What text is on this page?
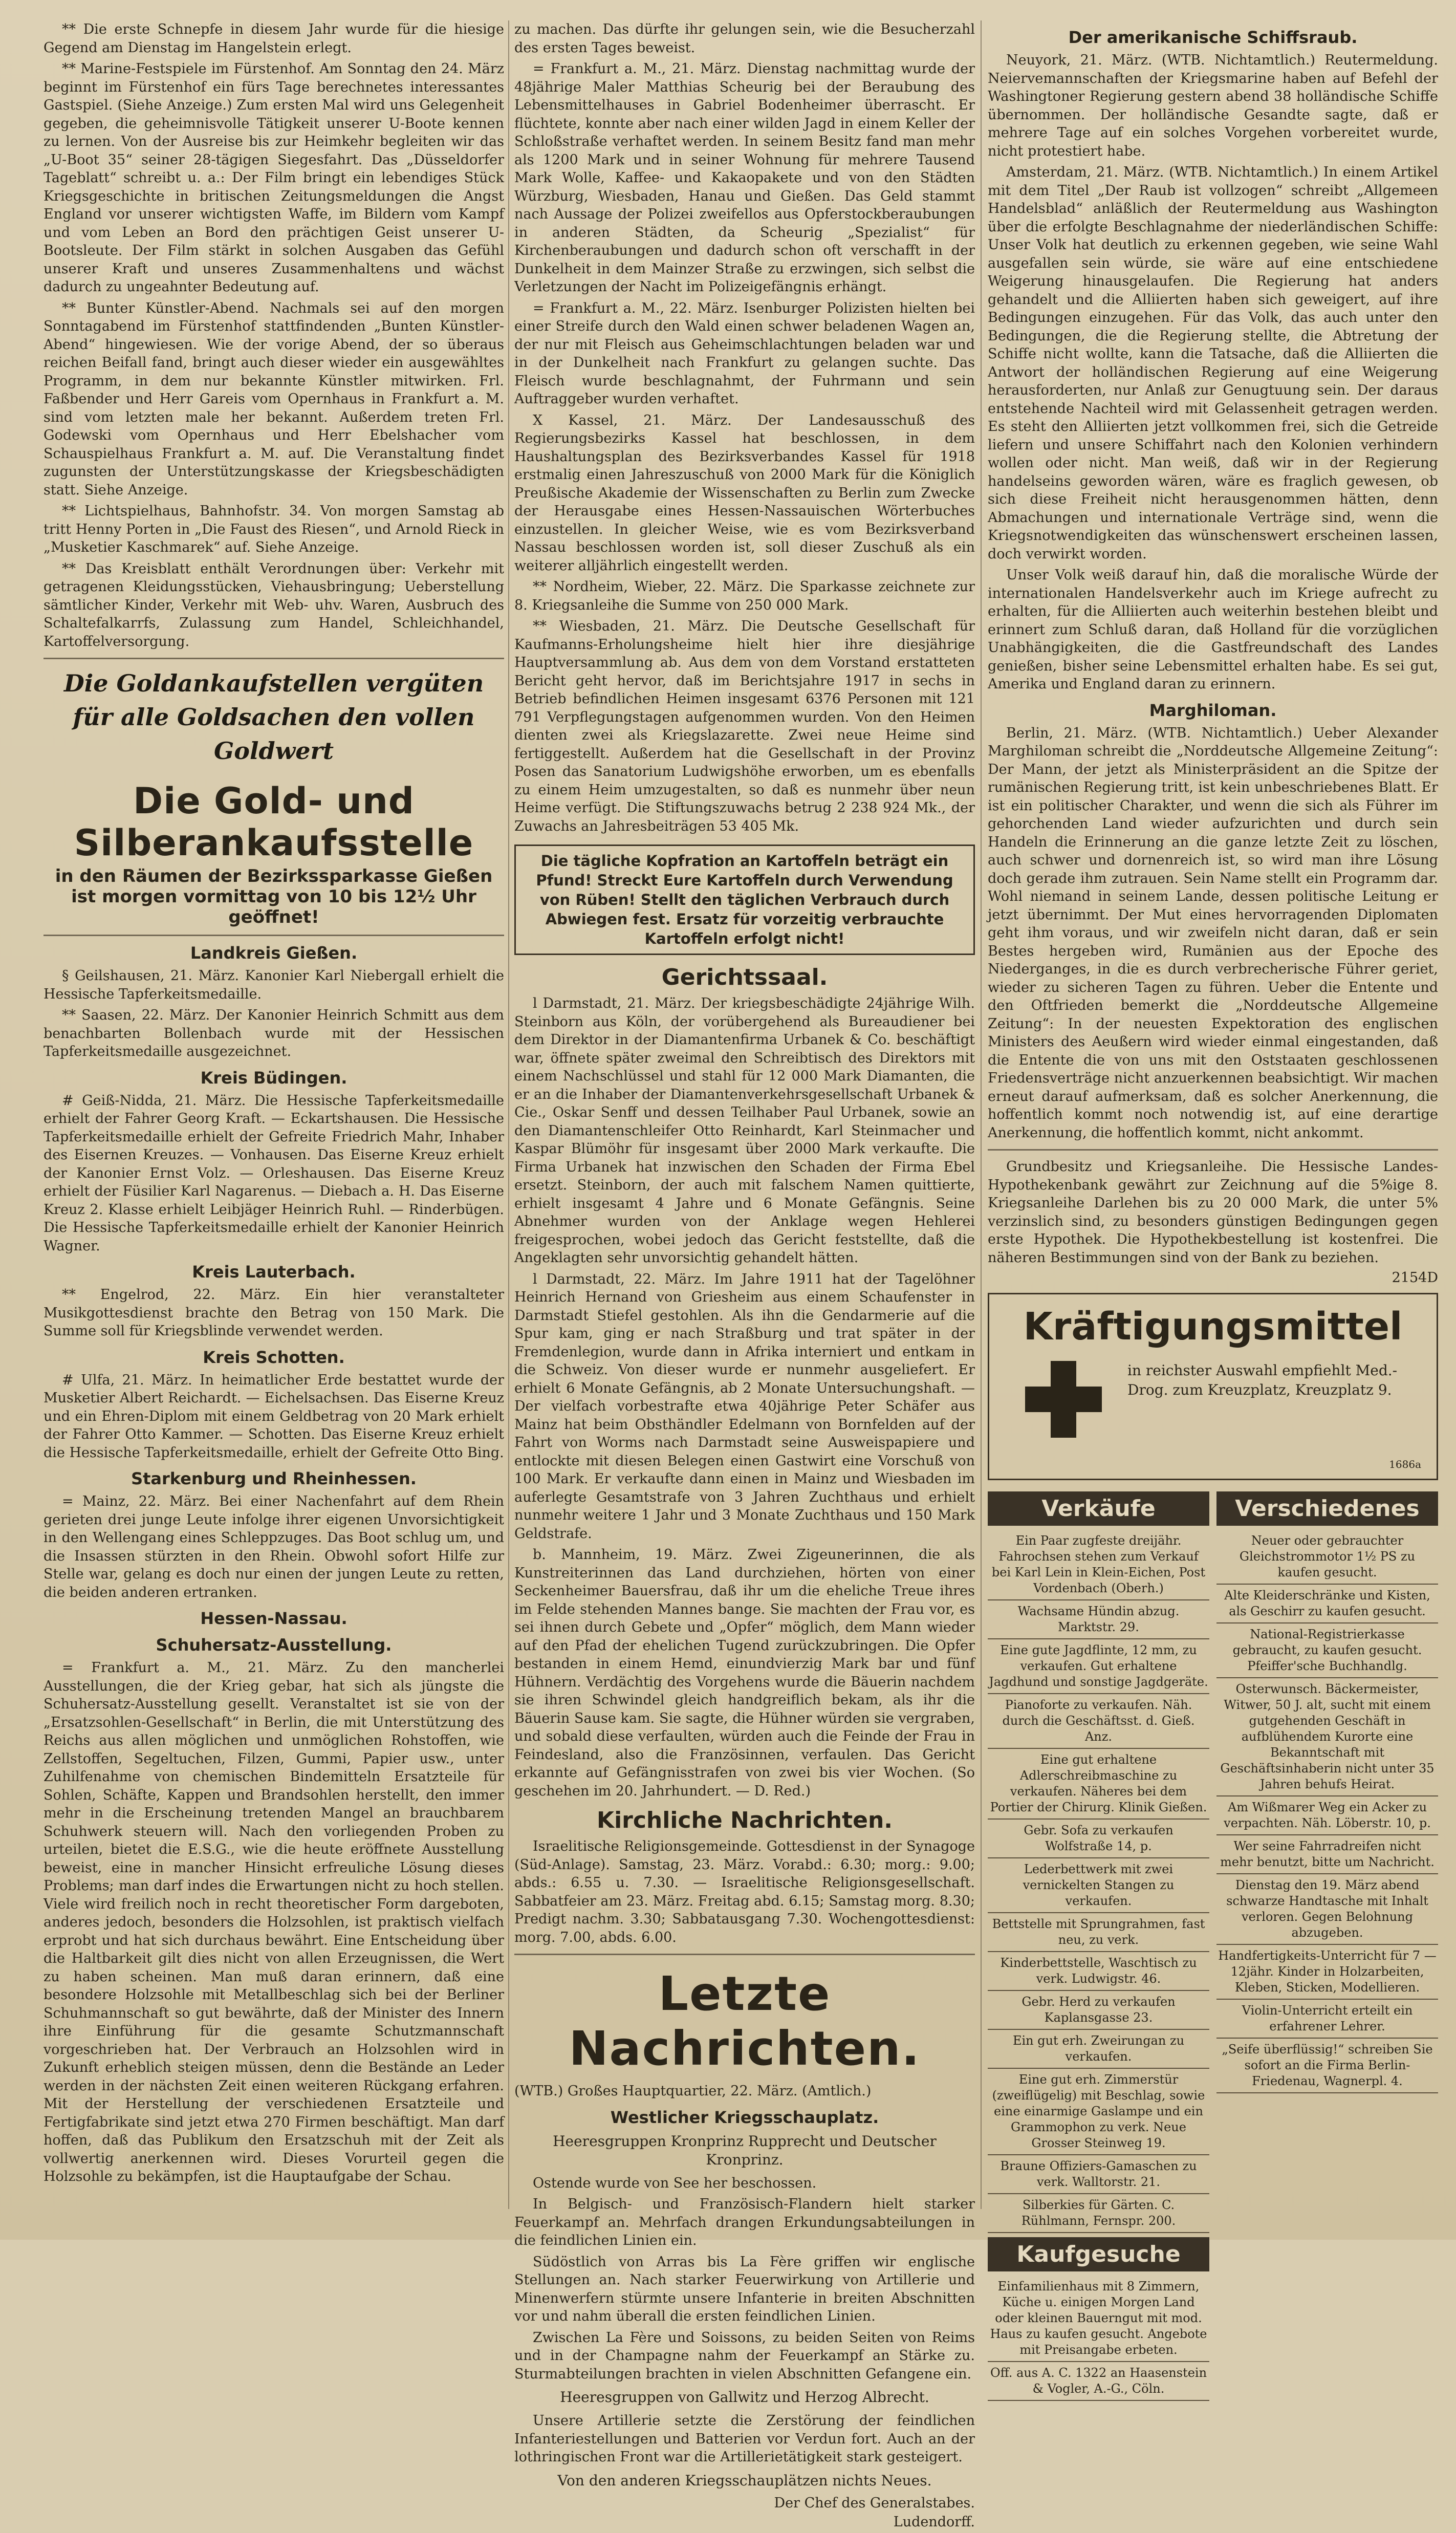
** Die erste Schnepfe in diesem Jahr wurde für die hiesige Gegend am Dienstag im Hangelstein erlegt.

** Marine-Festspiele im Fürstenhof. Am Sonntag den 24. März beginnt im Fürstenhof ein fürs Tage berechnetes interessantes Gastspiel. (Siehe Anzeige.) Zum ersten Mal wird uns Gelegenheit gegeben, die geheimnisvolle Tätigkeit unserer U-Boote kennen zu lernen. Von der Ausreise bis zur Heimkehr begleiten wir das „U-Boot 35“ seiner 28-tägigen Siegesfahrt. Das „Düsseldorfer Tageblatt“ schreibt u. a.: Der Film bringt ein lebendiges Stück Kriegsgeschichte in britischen Zeitungsmeldungen die Angst England vor unserer wichtigsten Waffe, im Bildern vom Kampf und vom Leben an Bord den prächtigen Geist unserer U-Bootsleute. Der Film stärkt in solchen Ausgaben das Gefühl unserer Kraft und unseres Zusammenhaltens und wächst dadurch zu ungeahnter Bedeutung auf.

** Bunter Künstler-Abend. Nachmals sei auf den morgen Sonntagabend im Fürstenhof stattfindenden „Bunten Künstler-Abend“ hingewiesen. Wie der vorige Abend, der so überaus reichen Beifall fand, bringt auch dieser wieder ein ausgewähltes Programm, in dem nur bekannte Künstler mitwirken. Frl. Faßbender und Herr Gareis vom Opernhaus in Frankfurt a. M. sind vom letzten male her bekannt. Außerdem treten Frl. Godewski vom Opernhaus und Herr Ebelshacher vom Schauspielhaus Frankfurt a. M. auf. Die Veranstaltung findet zugunsten der Unterstützungskasse der Kriegsbeschädigten statt. Siehe Anzeige.

** Lichtspielhaus, Bahnhofstr. 34. Von morgen Samstag ab tritt Henny Porten in „Die Faust des Riesen“, und Arnold Rieck in „Musketier Kaschmarek“ auf. Siehe Anzeige.

** Das Kreisblatt enthält Verordnungen über: Verkehr mit getragenen Kleidungsstücken, Viehausbringung; Ueberstellung sämtlicher Kinder, Verkehr mit Web- uhv. Waren, Ausbruch des Schaltefalkarrfs, Zulassung zum Handel, Schleichhandel, Kartoffelversorgung.

Die Goldankaufstellen vergüten für alle Goldsachen den vollen Goldwert
Die Gold- und Silberankaufsstelle
in den Räumen der Bezirkssparkasse Gießen ist morgen vormittag von 10 bis 12½ Uhr geöffnet!
Landkreis Gießen.

§ Geilshausen, 21. März. Kanonier Karl Niebergall erhielt die Hessische Tapferkeitsmedaille.

** Saasen, 22. März. Der Kanonier Heinrich Schmitt aus dem benachbarten Bollenbach wurde mit der Hessischen Tapferkeitsmedaille ausgezeichnet.

Kreis Büdingen.

# Geiß-Nidda, 21. März. Die Hessische Tapferkeitsmedaille erhielt der Fahrer Georg Kraft. — Eckartshausen. Die Hessische Tapferkeitsmedaille erhielt der Gefreite Friedrich Mahr, Inhaber des Eisernen Kreuzes. — Vonhausen. Das Eiserne Kreuz erhielt der Kanonier Ernst Volz. — Orleshausen. Das Eiserne Kreuz erhielt der Füsilier Karl Nagarenus. — Diebach a. H. Das Eiserne Kreuz 2. Klasse erhielt Leibjäger Heinrich Ruhl. — Rinderbügen. Die Hessische Tapferkeitsmedaille erhielt der Kanonier Heinrich Wagner.

Kreis Lauterbach.

** Engelrod, 22. März. Ein hier veranstalteter Musikgottesdienst brachte den Betrag von 150 Mark. Die Summe soll für Kriegsblinde verwendet werden.

Kreis Schotten.

# Ulfa, 21. März. In heimatlicher Erde bestattet wurde der Musketier Albert Reichardt. — Eichelsachsen. Das Eiserne Kreuz und ein Ehren-Diplom mit einem Geldbetrag von 20 Mark erhielt der Fahrer Otto Kammer. — Schotten. Das Eiserne Kreuz erhielt die Hessische Tapferkeitsmedaille, erhielt der Gefreite Otto Bing.

Starkenburg und Rheinhessen.

= Mainz, 22. März. Bei einer Nachenfahrt auf dem Rhein gerieten drei junge Leute infolge ihrer eigenen Unvorsichtigkeit in den Wellengang eines Schleppzuges. Das Boot schlug um, und die Insassen stürzten in den Rhein. Obwohl sofort Hilfe zur Stelle war, gelang es doch nur einen der jungen Leute zu retten, die beiden anderen ertranken.

Hessen-Nassau.
Schuhersatz-Ausstellung.

= Frankfurt a. M., 21. März. Zu den mancherlei Ausstellungen, die der Krieg gebar, hat sich als jüngste die Schuhersatz-Ausstellung gesellt. Veranstaltet ist sie von der „Ersatzsohlen-Gesellschaft“ in Berlin, die mit Unterstützung des Reichs aus allen möglichen und unmöglichen Rohstoffen, wie Zellstoffen, Segeltuchen, Filzen, Gummi, Papier usw., unter Zuhilfenahme von chemischen Bindemitteln Ersatzteile für Sohlen, Schäfte, Kappen und Brandsohlen herstellt, den immer mehr in die Erscheinung tretenden Mangel an brauchbarem Schuhwerk steuern will. Nach den vorliegenden Proben zu urteilen, bietet die E.S.G., wie die heute eröffnete Ausstellung beweist, eine in mancher Hinsicht erfreuliche Lösung dieses Problems; man darf indes die Erwartungen nicht zu hoch stellen. Viele wird freilich noch in recht theoretischer Form dargeboten, anderes jedoch, besonders die Holzsohlen, ist praktisch vielfach erprobt und hat sich durchaus bewährt. Eine Entscheidung über die Haltbarkeit gilt dies nicht von allen Erzeugnissen, die Wert zu haben scheinen. Man muß daran erinnern, daß eine besondere Holzsohle mit Metallbeschlag sich bei der Berliner Schuhmannschaft so gut bewährte, daß der Minister des Innern ihre Einführung für die gesamte Schutzmannschaft vorgeschrieben hat. Der Verbrauch an Holzsohlen wird in Zukunft erheblich steigen müssen, denn die Bestände an Leder werden in der nächsten Zeit einen weiteren Rückgang erfahren. Mit der Herstellung der verschiedenen Ersatzteile und Fertigfabrikate sind jetzt etwa 270 Firmen beschäftigt. Man darf hoffen, daß das Publikum den Ersatzschuh mit der Zeit als vollwertig anerkennen wird. Dieses Vorurteil gegen die Holzsohle zu bekämpfen, ist die Hauptaufgabe der Schau.

zu machen. Das dürfte ihr gelungen sein, wie die Besucherzahl des ersten Tages beweist.

= Frankfurt a. M., 21. März. Dienstag nachmittag wurde der 48jährige Maler Matthias Scheurig bei der Beraubung des Lebensmittelhauses in Gabriel Bodenheimer überrascht. Er flüchtete, konnte aber nach einer wilden Jagd in einem Keller der Schloßstraße verhaftet werden. In seinem Besitz fand man mehr als 1200 Mark und in seiner Wohnung für mehrere Tausend Mark Wolle, Kaffee- und Kakaopakete und von den Städten Würzburg, Wiesbaden, Hanau und Gießen. Das Geld stammt nach Aussage der Polizei zweifellos aus Opferstockberaubungen in anderen Städten, da Scheurig „Spezialist“ für Kirchenberaubungen und dadurch schon oft verschafft in der Dunkelheit in dem Mainzer Straße zu erzwingen, sich selbst die Verletzungen der Nacht im Polizeigefängnis erhängt.

= Frankfurt a. M., 22. März. Isenburger Polizisten hielten bei einer Streife durch den Wald einen schwer beladenen Wagen an, der nur mit Fleisch aus Geheimschlachtungen beladen war und in der Dunkelheit nach Frankfurt zu gelangen suchte. Das Fleisch wurde beschlagnahmt, der Fuhrmann und sein Auftraggeber wurden verhaftet.

X Kassel, 21. März. Der Landesausschuß des Regierungsbezirks Kassel hat beschlossen, in dem Haushaltungsplan des Bezirksverbandes Kassel für 1918 erstmalig einen Jahreszuschuß von 2000 Mark für die Königlich Preußische Akademie der Wissenschaften zu Berlin zum Zwecke der Herausgabe eines Hessen-Nassauischen Wörterbuches einzustellen. In gleicher Weise, wie es vom Bezirksverband Nassau beschlossen worden ist, soll dieser Zuschuß als ein weiterer alljährlich eingestellt werden.

** Nordheim, Wieber, 22. März. Die Sparkasse zeichnete zur 8. Kriegsanleihe die Summe von 250 000 Mark.

** Wiesbaden, 21. März. Die Deutsche Gesellschaft für Kaufmanns-Erholungsheime hielt hier ihre diesjährige Hauptversammlung ab. Aus dem von dem Vorstand erstatteten Bericht geht hervor, daß im Berichtsjahre 1917 in sechs in Betrieb befindlichen Heimen insgesamt 6376 Personen mit 121 791 Verpflegungstagen aufgenommen wurden. Von den Heimen dienten zwei als Kriegslazarette. Zwei neue Heime sind fertiggestellt. Außerdem hat die Gesellschaft in der Provinz Posen das Sanatorium Ludwigshöhe erworben, um es ebenfalls zu einem Heim umzugestalten, so daß es nunmehr über neun Heime verfügt. Die Stiftungszuwachs betrug 2 238 924 Mk., der Zuwachs an Jahresbeiträgen 53 405 Mk.

Die tägliche Kopfration an Kartoffeln beträgt ein Pfund! Streckt Eure Kartoffeln durch Verwendung von Rüben! Stellt den täglichen Verbrauch durch Abwiegen fest. Ersatz für vorzeitig verbrauchte Kartoffeln erfolgt nicht!

Gerichtssaal.

l Darmstadt, 21. März. Der kriegsbeschädigte 24jährige Wilh. Steinborn aus Köln, der vorübergehend als Bureaudiener bei dem Direktor in der Diamantenfirma Urbanek & Co. beschäftigt war, öffnete später zweimal den Schreibtisch des Direktors mit einem Nachschlüssel und stahl für 12 000 Mark Diamanten, die er an die Inhaber der Diamantenverkehrsgesellschaft Urbanek & Cie., Oskar Senff und dessen Teilhaber Paul Urbanek, sowie an den Diamantenschleifer Otto Reinhardt, Karl Steinmacher und Kaspar Blümöhr für insgesamt über 2000 Mark verkaufte. Die Firma Urbanek hat inzwischen den Schaden der Firma Ebel ersetzt. Steinborn, der auch mit falschem Namen quittierte, erhielt insgesamt 4 Jahre und 6 Monate Gefängnis. Seine Abnehmer wurden von der Anklage wegen Hehlerei freigesprochen, wobei jedoch das Gericht feststellte, daß die Angeklagten sehr unvorsichtig gehandelt hätten.

l Darmstadt, 22. März. Im Jahre 1911 hat der Tagelöhner Heinrich Hernand von Griesheim aus einem Schaufenster in Darmstadt Stiefel gestohlen. Als ihn die Gendarmerie auf die Spur kam, ging er nach Straßburg und trat später in der Fremdenlegion, wurde dann in Afrika interniert und entkam in die Schweiz. Von dieser wurde er nunmehr ausgeliefert. Er erhielt 6 Monate Gefängnis, ab 2 Monate Untersuchungshaft. — Der vielfach vorbestrafte etwa 40jährige Peter Schäfer aus Mainz hat beim Obsthändler Edelmann von Bornfelden auf der Fahrt von Worms nach Darmstadt seine Ausweispapiere und entlockte mit diesen Belegen einen Gastwirt eine Vorschuß von 100 Mark. Er verkaufte dann einen in Mainz und Wiesbaden im auferlegte Gesamtstrafe von 3 Jahren Zuchthaus und erhielt nunmehr weitere 1 Jahr und 3 Monate Zuchthaus und 150 Mark Geldstrafe.

b. Mannheim, 19. März. Zwei Zigeunerinnen, die als Kunstreiterinnen das Land durchziehen, hörten von einer Seckenheimer Bauersfrau, daß ihr um die eheliche Treue ihres im Felde stehenden Mannes bange. Sie machten der Frau vor, es sei ihnen durch Gebete und „Opfer“ möglich, dem Mann wieder auf den Pfad der ehelichen Tugend zurückzubringen. Die Opfer bestanden in einem Hemd, einundvierzig Mark bar und fünf Hühnern. Verdächtig des Vorgehens wurde die Bäuerin nachdem sie ihren Schwindel gleich handgreiflich bekam, als ihr die Bäuerin Sause kam. Sie sagte, die Hühner würden sie vergraben, und sobald diese verfaulten, würden auch die Feinde der Frau in Feindesland, also die Französinnen, verfaulen. Das Gericht erkannte auf Gefängnisstrafen von zwei bis vier Wochen. (So geschehen im 20. Jahrhundert. — D. Red.)

Kirchliche Nachrichten.

Israelitische Religionsgemeinde. Gottesdienst in der Synagoge (Süd-Anlage). Samstag, 23. März. Vorabd.: 6.30; morg.: 9.00; abds.: 6.55 u. 7.30. — Israelitische Religionsgesellschaft. Sabbatfeier am 23. März. Freitag abd. 6.15; Samstag morg. 8.30; Predigt nachm. 3.30; Sabbatausgang 7.30. Wochengottesdienst: morg. 7.00, abds. 6.00.

Letzte Nachrichten.

(WTB.) Großes Hauptquartier, 22. März. (Amtlich.)

Westlicher Kriegsschauplatz.
Heeresgruppen Kronprinz Rupprecht und Deutscher Kronprinz.

Ostende wurde von See her beschossen.

In Belgisch- und Französisch-Flandern hielt starker Feuerkampf an. Mehrfach drangen Erkundungsabteilungen in die feindlichen Linien ein.

Südöstlich von Arras bis La Fère griffen wir englische Stellungen an. Nach starker Feuerwirkung von Artillerie und Minenwerfern stürmte unsere Infanterie in breiten Abschnitten vor und nahm überall die ersten feindlichen Linien.

Zwischen La Fère und Soissons, zu beiden Seiten von Reims und in der Champagne nahm der Feuerkampf an Stärke zu. Sturmabteilungen brachten in vielen Abschnitten Gefangene ein.

Heeresgruppen von Gallwitz und Herzog Albrecht.

Unsere Artillerie setzte die Zerstörung der feindlichen Infanteriestellungen und Batterien vor Verdun fort. Auch an der lothringischen Front war die Artillerietätigkeit stark gesteigert.

Von den anderen Kriegsschauplätzen nichts Neues.
Der Chef des Generalstabes.
Ludendorff.
Der amerikanische Schiffsraub.

Neuyork, 21. März. (WTB. Nichtamtlich.) Reutermeldung. Neiervemannschaften der Kriegsmarine haben auf Befehl der Washingtoner Regierung gestern abend 38 holländische Schiffe übernommen. Der holländische Gesandte sagte, daß er mehrere Tage auf ein solches Vorgehen vorbereitet wurde, nicht protestiert habe.

Amsterdam, 21. März. (WTB. Nichtamtlich.) In einem Artikel mit dem Titel „Der Raub ist vollzogen“ schreibt „Allgemeen Handelsblad“ anläßlich der Reutermeldung aus Washington über die erfolgte Beschlagnahme der niederländischen Schiffe: Unser Volk hat deutlich zu erkennen gegeben, wie seine Wahl ausgefallen sein würde, sie wäre auf eine entschiedene Weigerung hinausgelaufen. Die Regierung hat anders gehandelt und die Alliierten haben sich geweigert, auf ihre Bedingungen einzugehen. Für das Volk, das auch unter den Bedingungen, die die Regierung stellte, die Abtretung der Schiffe nicht wollte, kann die Tatsache, daß die Alliierten die Antwort der holländischen Regierung auf eine Weigerung herausforderten, nur Anlaß zur Genugtuung sein. Der daraus entstehende Nachteil wird mit Gelassenheit getragen werden. Es steht den Alliierten jetzt vollkommen frei, sich die Getreide liefern und unsere Schiffahrt nach den Kolonien verhindern wollen oder nicht. Man weiß, daß wir in der Regierung handelseins geworden wären, wäre es fraglich gewesen, ob sich diese Freiheit nicht herausgenommen hätten, denn Abmachungen und internationale Verträge sind, wenn die Kriegsnotwendigkeiten das wünschenswert erscheinen lassen, doch verwirkt worden.

Unser Volk weiß darauf hin, daß die moralische Würde der internationalen Handelsverkehr auch im Kriege aufrecht zu erhalten, für die Alliierten auch weiterhin bestehen bleibt und erinnert zum Schluß daran, daß Holland für die vorzüglichen Unabhängigkeiten, die die Gastfreundschaft des Landes genießen, bisher seine Lebensmittel erhalten habe. Es sei gut, Amerika und England daran zu erinnern.

Marghiloman.

Berlin, 21. März. (WTB. Nichtamtlich.) Ueber Alexander Marghiloman schreibt die „Norddeutsche Allgemeine Zeitung“: Der Mann, der jetzt als Ministerpräsident an die Spitze der rumänischen Regierung tritt, ist kein unbeschriebenes Blatt. Er ist ein politischer Charakter, und wenn die sich als Führer im gehorchenden Land wieder aufzurichten und durch sein Handeln die Erinnerung an die ganze letzte Zeit zu löschen, auch schwer und dornenreich ist, so wird man ihre Lösung doch gerade ihm zutrauen. Sein Name stellt ein Programm dar. Wohl niemand in seinem Lande, dessen politische Leitung er jetzt übernimmt. Der Mut eines hervorragenden Diplomaten geht ihm voraus, und wir zweifeln nicht daran, daß er sein Bestes hergeben wird, Rumänien aus der Epoche des Niederganges, in die es durch verbrecherische Führer geriet, wieder zu sicheren Tagen zu führen. Ueber die Entente und den Oftfrieden bemerkt die „Norddeutsche Allgemeine Zeitung“: In der neuesten Expektoration des englischen Ministers des Aeußern wird wieder einmal eingestanden, daß die Entente die von uns mit den Oststaaten geschlossenen Friedensverträge nicht anzuerkennen beabsichtigt. Wir machen erneut darauf aufmerksam, daß es solcher Anerkennung, die hoffentlich kommt noch notwendig ist, auf eine derartige Anerkennung, die hoffentlich kommt, nicht ankommt.

Grundbesitz und Kriegsanleihe. Die Hessische Landes-Hypothekenbank gewährt zur Zeichnung auf die 5%ige 8. Kriegsanleihe Darlehen bis zu 20 000 Mark, die unter 5% verzinslich sind, zu besonders günstigen Bedingungen gegen erste Hypothek. Die Hypothekbestellung ist kostenfrei. Die näheren Bestimmungen sind von der Bank zu beziehen.

2154D
Kräftigungsmittel
in reichster Auswahl empfiehlt Med.-Drog. zum Kreuzplatz, Kreuzplatz 9.
1686a
Verkäufe
Ein Paar zugfeste dreijähr. Fahrochsen stehen zum Verkauf bei Karl Lein in Klein-Eichen, Post Vordenbach (Oberh.)
Wachsame Hündin abzug. Marktstr. 29.
Eine gute Jagdflinte, 12 mm, zu verkaufen. Gut erhaltene Jagdhund und sonstige Jagdgeräte.
Pianoforte zu verkaufen. Näh. durch die Geschäftsst. d. Gieß. Anz.
Eine gut erhaltene Adlerschreibmaschine zu verkaufen. Näheres bei dem Portier der Chirurg. Klinik Gießen.
Gebr. Sofa zu verkaufen Wolfstraße 14, p.
Lederbettwerk mit zwei vernickelten Stangen zu verkaufen.
Bettstelle mit Sprungrahmen, fast neu, zu verk.
Kinderbettstelle, Waschtisch zu verk. Ludwigstr. 46.
Gebr. Herd zu verkaufen Kaplansgasse 23.
Ein gut erh. Zweirungan zu verkaufen.
Eine gut erh. Zimmerstür (zweiflügelig) mit Beschlag, sowie eine einarmige Gaslampe und ein Grammophon zu verk. Neue Grosser Steinweg 19.
Braune Offiziers-Gamaschen zu verk. Walltorstr. 21.
Silberkies für Gärten. C. Rühlmann, Fernspr. 200.
Kaufgesuche
Einfamilienhaus mit 8 Zimmern, Küche u. einigen Morgen Land oder kleinen Bauerngut mit mod. Haus zu kaufen gesucht. Angebote mit Preisangabe erbeten.
Off. aus A. C. 1322 an Haasenstein & Vogler, A.-G., Cöln.
Verschiedenes
Neuer oder gebrauchter Gleichstrommotor 1½ PS zu kaufen gesucht.
Alte Kleiderschränke und Kisten, als Geschirr zu kaufen gesucht.
National-Registrierkasse gebraucht, zu kaufen gesucht. Pfeiffer'sche Buchhandlg.
Osterwunsch. Bäckermeister, Witwer, 50 J. alt, sucht mit einem gutgehenden Geschäft in aufblühendem Kurorte eine Bekanntschaft mit Geschäftsinhaberin nicht unter 35 Jahren behufs Heirat.
Am Wißmarer Weg ein Acker zu verpachten. Näh. Löberstr. 10, p.
Wer seine Fahrradreifen nicht mehr benutzt, bitte um Nachricht.
Dienstag den 19. März abend schwarze Handtasche mit Inhalt verloren. Gegen Belohnung abzugeben.
Handfertigkeits-Unterricht für 7 — 12jähr. Kinder in Holzarbeiten, Kleben, Sticken, Modellieren.
Violin-Unterricht erteilt ein erfahrener Lehrer.
„Seife überflüssig!“ schreiben Sie sofort an die Firma Berlin-Friedenau, Wagnerpl. 4.
